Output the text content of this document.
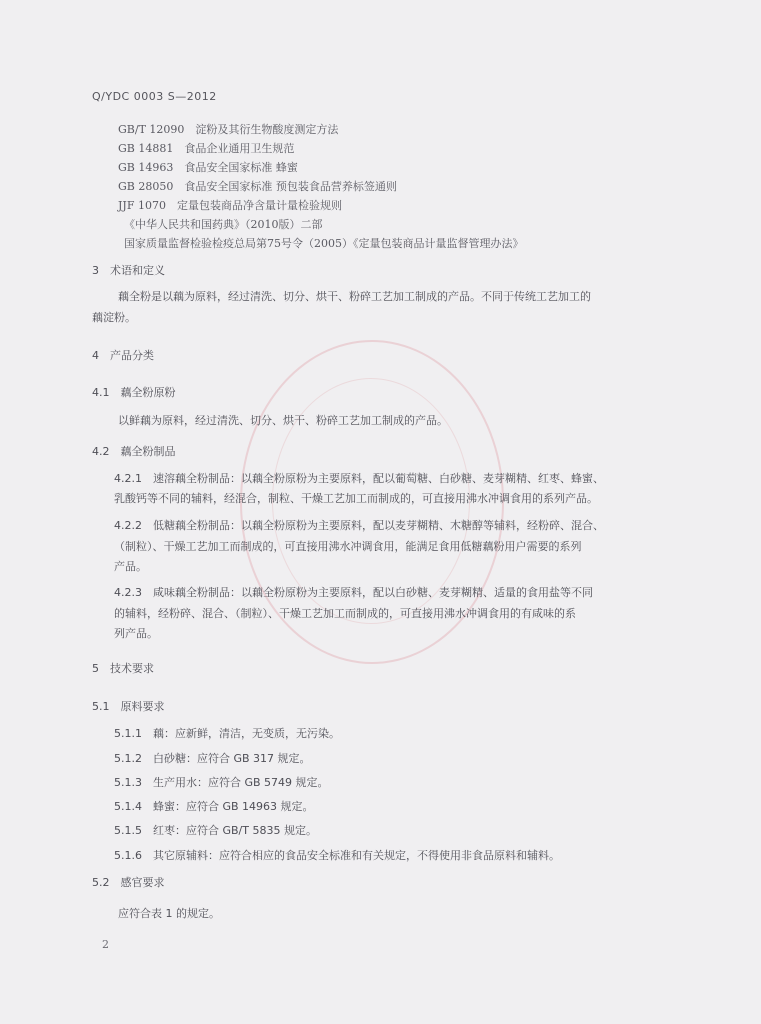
Q/YDC 0003 S—2012
GB/T 12090　淀粉及其衍生物酸度测定方法
GB 14881　食品企业通用卫生规范
GB 14963　食品安全国家标准 蜂蜜
GB 28050　食品安全国家标准 预包装食品营养标签通则
JJF 1070　定量包装商品净含量计量检验规则
《中华人民共和国药典》（2010版）二部
国家质量监督检验检疫总局第75号令（2005）《定量包装商品计量监督管理办法》
3　术语和定义
藕全粉是以藕为原料，经过清洗、切分、烘干、粉碎工艺加工制成的产品。不同于传统工艺加工的
藕淀粉。
4　产品分类
4.1　藕全粉原粉
以鲜藕为原料，经过清洗、切分、烘干、粉碎工艺加工制成的产品。
4.2　藕全粉制品
4.2.1　速溶藕全粉制品：以藕全粉原粉为主要原料，配以葡萄糖、白砂糖、麦芽糊精、红枣、蜂蜜、
乳酸钙等不同的辅料，经混合，制粒、干燥工艺加工而制成的，可直接用沸水冲调食用的系列产品。
4.2.2　低糖藕全粉制品：以藕全粉原粉为主要原料，配以麦芽糊精、木糖醇等辅料，经粉碎、混合、
（制粒）、干燥工艺加工而制成的，可直接用沸水冲调食用，能满足食用低糖藕粉用户需要的系列
产品。
4.2.3　咸味藕全粉制品：以藕全粉原粉为主要原料，配以白砂糖、麦芽糊精、适量的食用盐等不同
的辅料，经粉碎、混合、（制粒）、干燥工艺加工而制成的，可直接用沸水冲调食用的有咸味的系
列产品。
5　技术要求
5.1　原料要求
5.1.1　藕：应新鲜，清洁，无变质，无污染。
5.1.2　白砂糖：应符合 GB 317 规定。
5.1.3　生产用水：应符合 GB 5749 规定。
5.1.4　蜂蜜：应符合 GB 14963 规定。
5.1.5　红枣：应符合 GB/T 5835 规定。
5.1.6　其它原辅料：应符合相应的食品安全标准和有关规定，不得使用非食品原料和辅料。
5.2　感官要求
应符合表 1 的规定。
2
